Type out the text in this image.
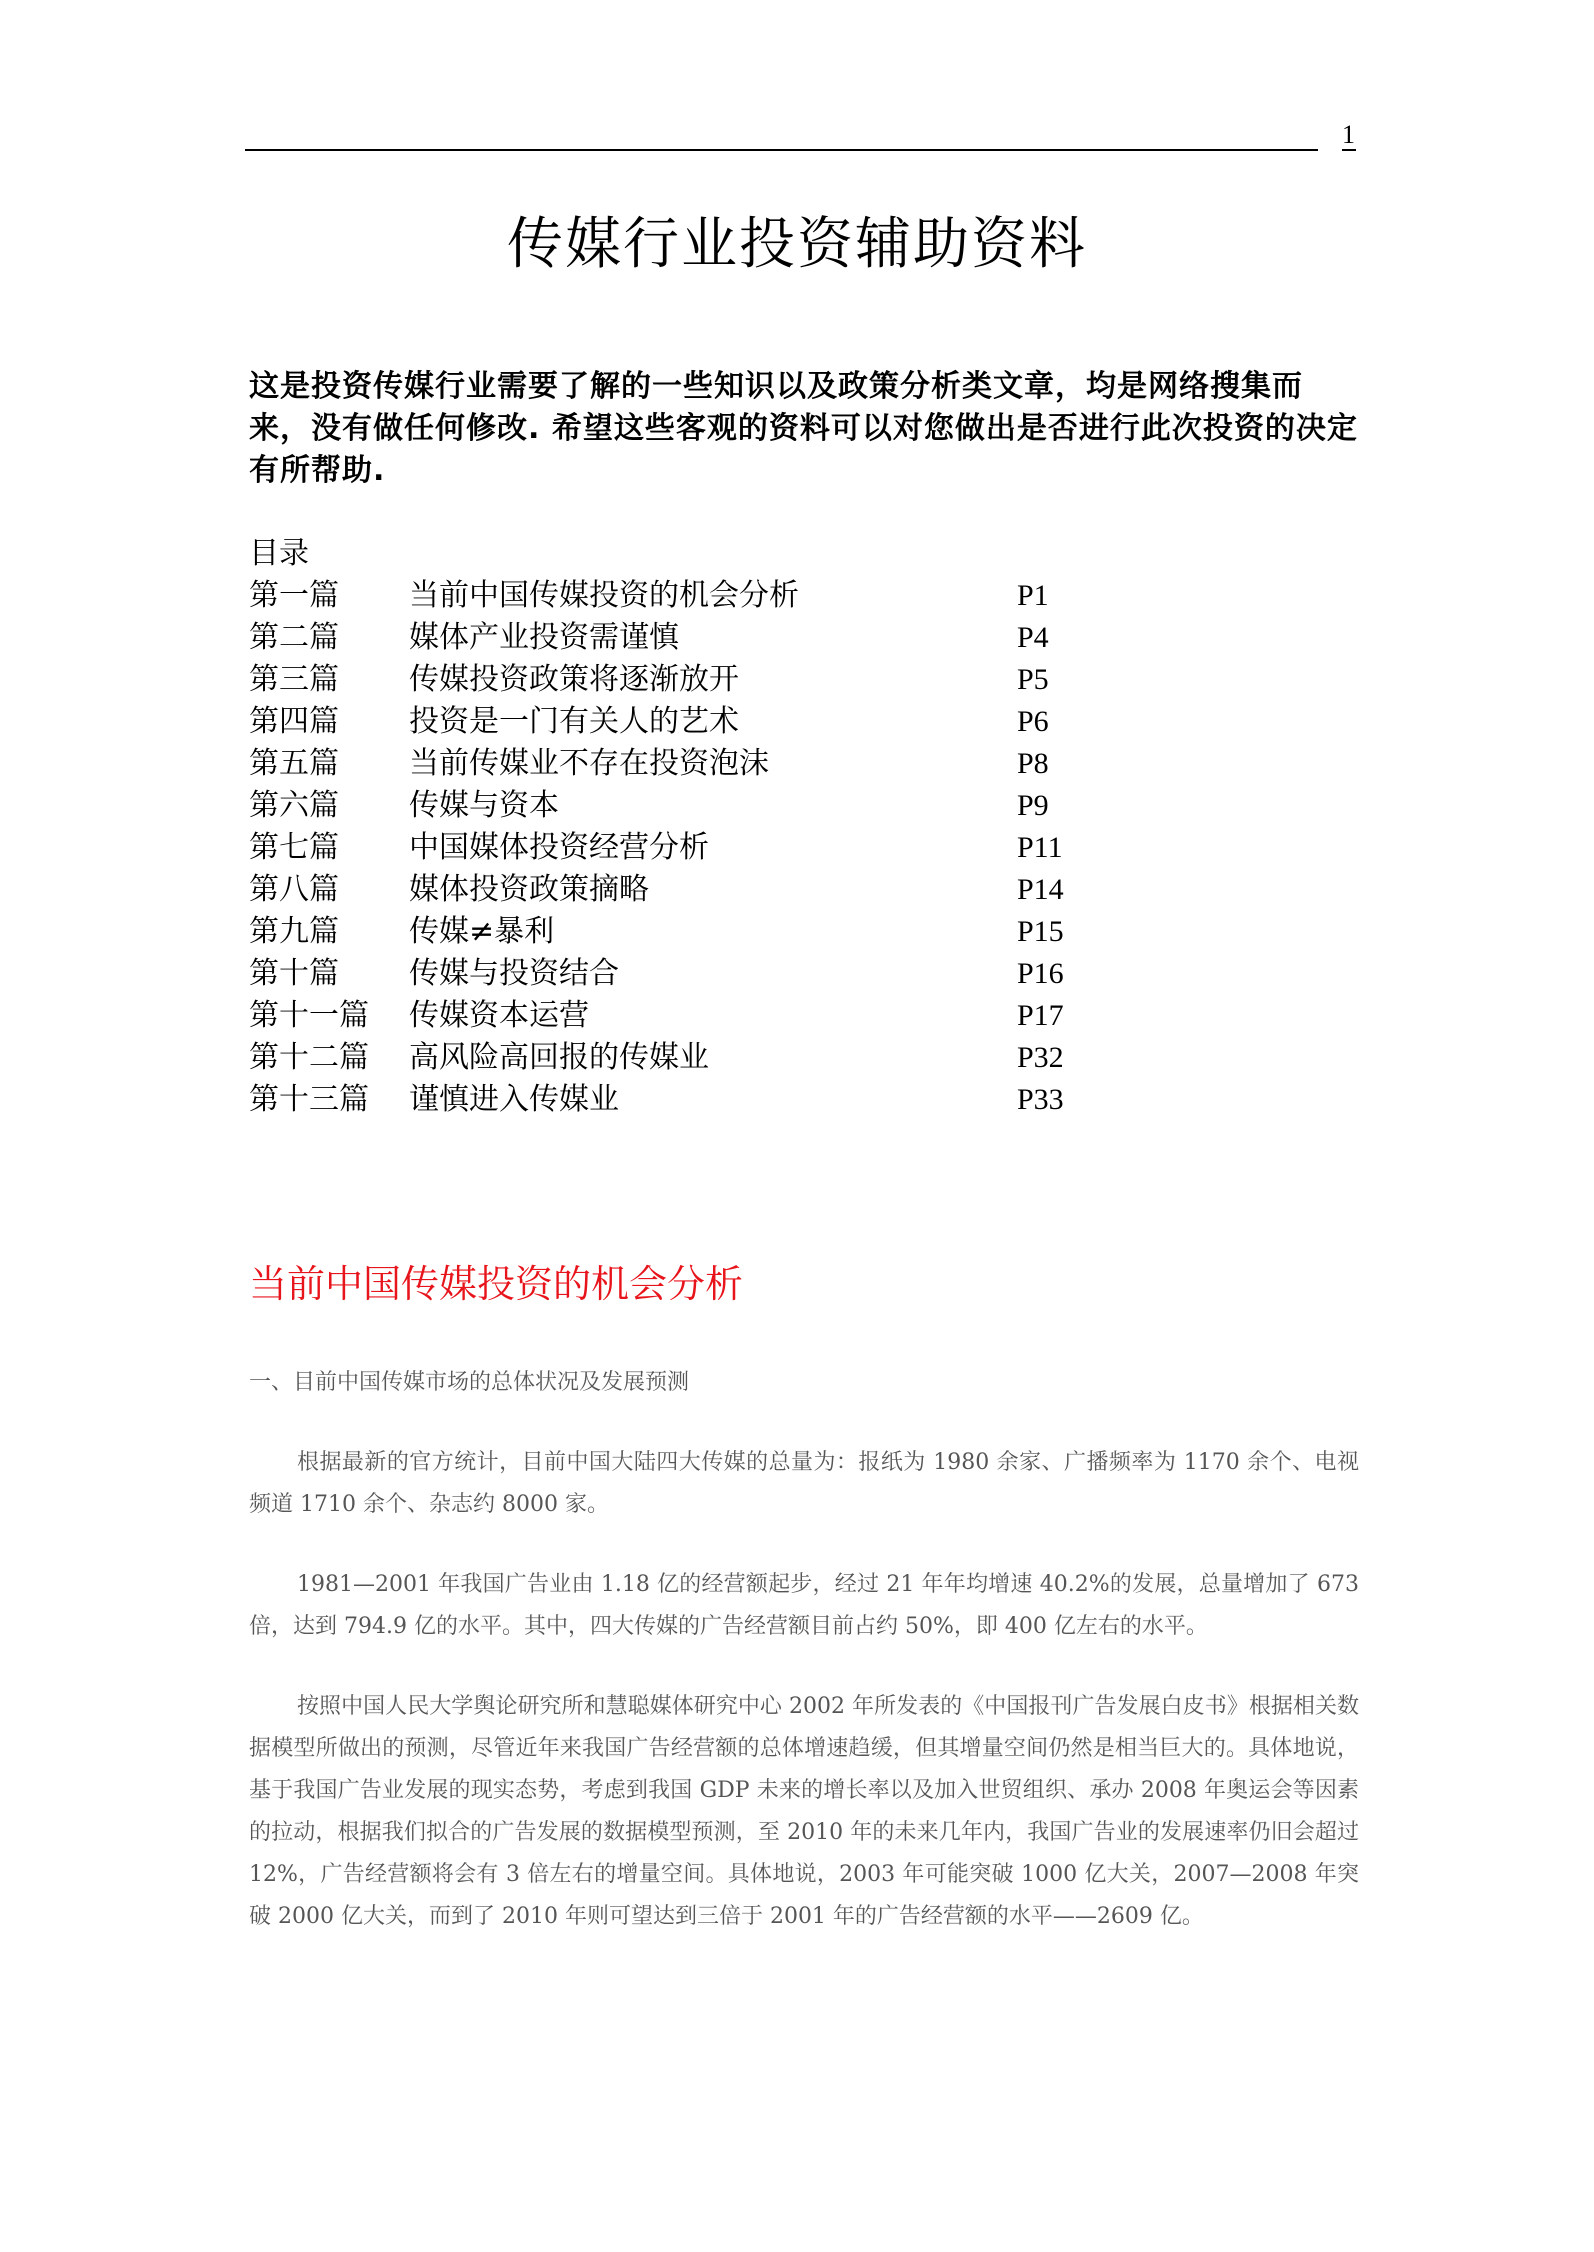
1
传媒行业投资辅助资料
这是投资传媒行业需要了解的一些知识以及政策分析类文章，均是网络搜集而来，没有做任何修改. 希望这些客观的资料可以对您做出是否进行此次投资的决定有所帮助.
目录
第一篇 当前中国传媒投资的机会分析	P1
第二篇 媒体产业投资需谨慎	P4
第三篇 传媒投资政策将逐渐放开	P5
第四篇 投资是一门有关人的艺术	P6
第五篇 当前传媒业不存在投资泡沫	P8
第六篇 传媒与资本	P9
第七篇 中国媒体投资经营分析	P11
第八篇 媒体投资政策摘略	P14
第九篇 传媒≠暴利	P15
第十篇 传媒与投资结合	P16
第十一篇 传媒资本运营	P17
第十二篇 高风险高回报的传媒业	P32
第十三篇 谨慎进入传媒业	P33
当前中国传媒投资的机会分析
一、目前中国传媒市场的总体状况及发展预测

根据最新的官方统计，目前中国大陆四大传媒的总量为：报纸为 1980 余家、广播频率为 1170 余个、电视频道 1710 余个、杂志约 8000 家。

1981—2001 年我国广告业由 1.18 亿的经营额起步，经过 21 年年均增速 40.2%的发展，总量增加了 673 倍，达到 794.9 亿的水平。其中，四大传媒的广告经营额目前占约 50%，即 400 亿左右的水平。

按照中国人民大学舆论研究所和慧聪媒体研究中心 2002 年所发表的《中国报刊广告发展白皮书》根据相关数据模型所做出的预测，尽管近年来我国广告经营额的总体增速趋缓，但其增量空间仍然是相当巨大的。具体地说，基于我国广告业发展的现实态势，考虑到我国 GDP 未来的增长率以及加入世贸组织、承办 2008 年奥运会等因素的拉动，根据我们拟合的广告发展的数据模型预测，至 2010 年的未来几年内，我国广告业的发展速率仍旧会超过 12%，广告经营额将会有 3 倍左右的增量空间。具体地说，2003 年可能突破 1000 亿大关，2007—2008 年突破 2000 亿大关，而到了 2010 年则可望达到三倍于 2001 年的广告经营额的水平——2609 亿。
